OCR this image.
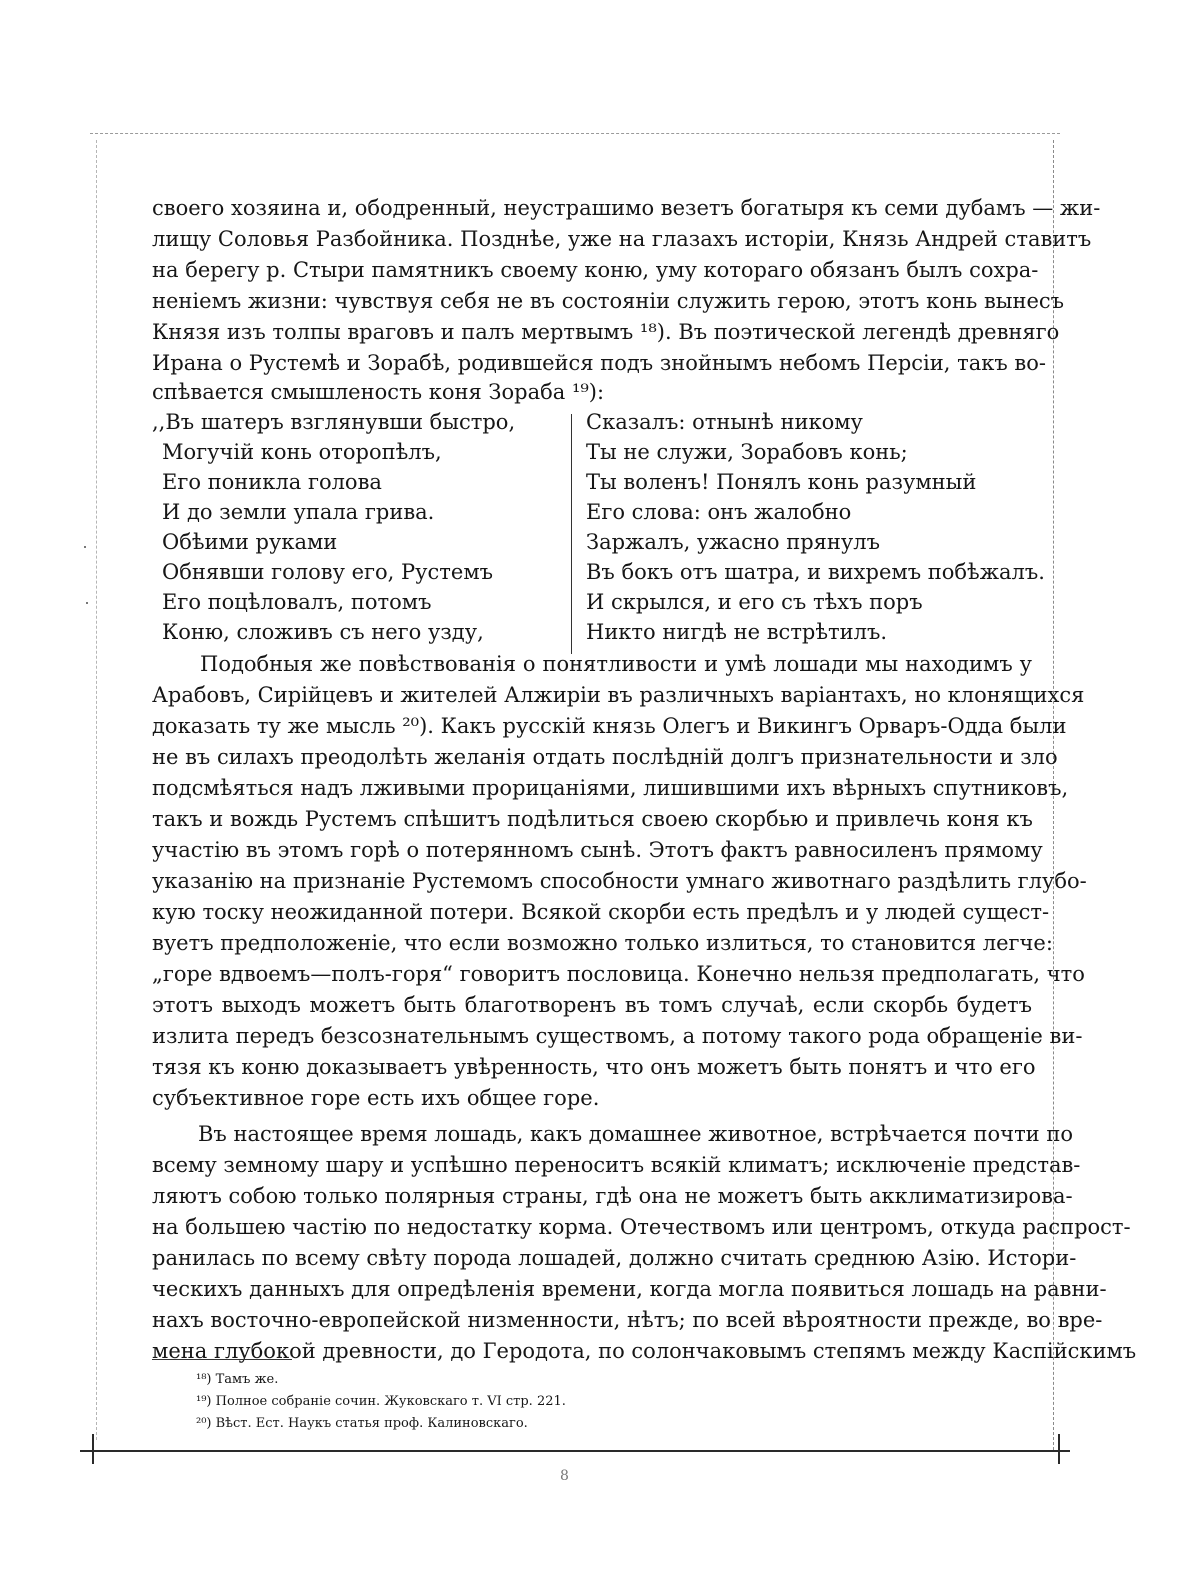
своего хозяина и, ободренный, неустрашимо везетъ богатыря къ семи дубамъ — жи-
лищу Соловья Разбойника. Позднѣе, уже на глазахъ исторіи, Князь Андрей ставитъ
на берегу р. Стыри памятникъ своему коню, уму котораго обязанъ былъ сохра-
неніемъ жизни: чувствуя себя не въ состояніи служить герою, этотъ конь вынесъ
Князя изъ толпы враговъ и палъ мертвымъ ¹⁸). Въ поэтической легендѣ древняго
Ирана о Рустемѣ и Зорабѣ, родившейся подъ знойнымъ небомъ Персіи, такъ во-
спѣвается смышленость коня Зораба ¹⁹):
,,Въ шатеръ взглянувши быстро,
Могучій конь оторопѣлъ,
Его поникла голова
И до земли упала грива.
Обѣими руками
Обнявши голову его, Рустемъ
Его поцѣловалъ, потомъ
Коню, сложивъ съ него узду,
Сказалъ: отнынѣ никому
Ты не служи, Зорабовъ конь;
Ты воленъ! Понялъ конь разумный
Его слова: онъ жалобно
Заржалъ, ужасно прянулъ
Въ бокъ отъ шатра, и вихремъ побѣжалъ.
И скрылся, и его съ тѣхъ поръ
Никто нигдѣ не встрѣтилъ.
Подобныя же повѣствованія о понятливости и умѣ лошади мы находимъ у
Арабовъ, Сирійцевъ и жителей Алжиріи въ различныхъ варіантахъ, но клонящихся
доказать ту же мысль ²⁰). Какъ русскій князь Олегъ и Викингъ Орваръ-Одда были
не въ силахъ преодолѣть желанія отдать послѣдній долгъ признательности и зло
подсмѣяться надъ лживыми прорицаніями, лишившими ихъ вѣрныхъ спутниковъ,
такъ и вождь Рустемъ спѣшитъ подѣлиться своею скорбью и привлечь коня къ
участію въ этомъ горѣ о потерянномъ сынѣ. Этотъ фактъ равносиленъ прямому
указанію на признаніе Рустемомъ способности умнаго животнаго раздѣлить глубо-
кую тоску неожиданной потери. Всякой скорби есть предѣлъ и у людей сущест-
вуетъ предположеніе, что если возможно только излиться, то становится легче:
„горе вдвоемъ—полъ-горя“ говоритъ пословица. Конечно нельзя предполагать, что
этотъ выходъ можетъ быть благотворенъ въ томъ случаѣ, если скорбь будетъ
излита передъ безсознательнымъ существомъ, а потому такого рода обращеніе ви-
тязя къ коню доказываетъ увѣренность, что онъ можетъ быть понятъ и что его
субъективное горе есть ихъ общее горе.
Въ настоящее время лошадь, какъ домашнее животное, встрѣчается почти по
всему земному шару и успѣшно переноситъ всякій климатъ; исключеніе представ-
ляютъ собою только полярныя страны, гдѣ она не можетъ быть акклиматизирова-
на большею частію по недостатку корма. Отечествомъ или центромъ, откуда распрост-
ранилась по всему свѣту порода лошадей, должно считать среднюю Азію. Истори-
ческихъ данныхъ для опредѣленія времени, когда могла появиться лошадь на равни-
нахъ восточно-европейской низменности, нѣтъ; по всей вѣроятности прежде, во вре-
мена глубокой древности, до Геродота, по солончаковымъ степямъ между Каспійскимъ
¹⁸) Тамъ же.
¹⁹) Полное собраніе сочин. Жуковскаго т. VI стр. 221.
²⁰) Вѣст. Ест. Наукъ статья проф. Калиновскаго.
8
